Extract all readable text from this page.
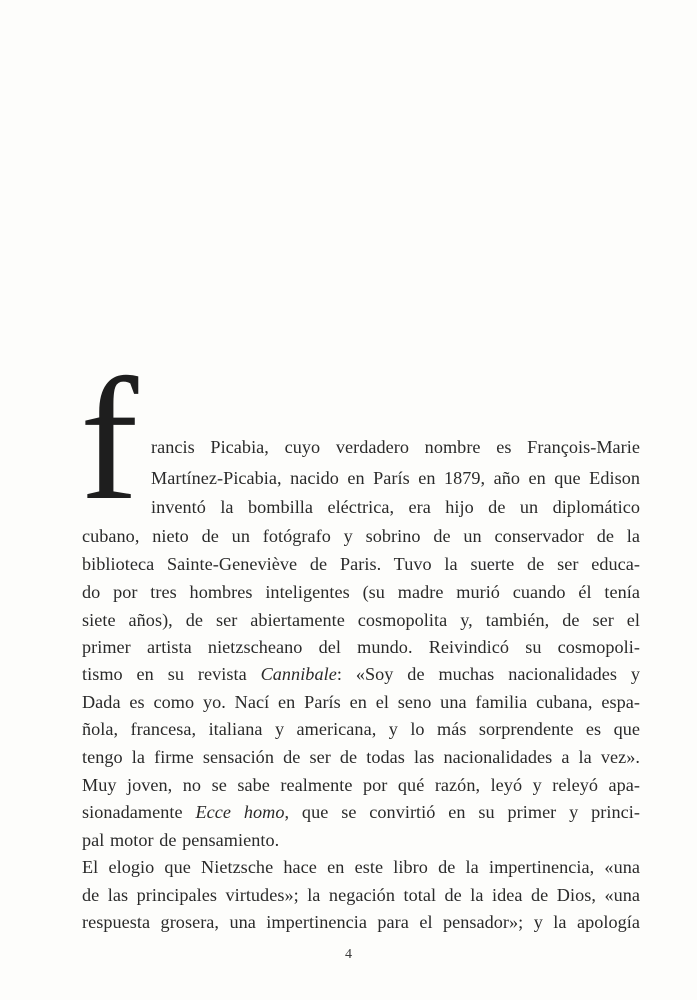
f rancis Picabia, cuyo verdadero nombre es François-Marie
Martínez-Picabia, nacido en París en 1879, año en que Edison
inventó la bombilla eléctrica, era hijo de un diplomático
cubano, nieto de un fotógrafo y sobrino de un conservador de la
biblioteca Sainte-Geneviève de Paris. Tuvo la suerte de ser educa-
do por tres hombres inteligentes (su madre murió cuando él tenía
siete años), de ser abiertamente cosmopolita y, también, de ser el
primer artista nietzscheano del mundo. Reivindicó su cosmopoli-
tismo en su revista Cannibale: «Soy de muchas nacionalidades y
Dada es como yo. Nací en París en el seno una familia cubana, espa-
ñola, francesa, italiana y americana, y lo más sorprendente es que
tengo la firme sensación de ser de todas las nacionalidades a la vez».
Muy joven, no se sabe realmente por qué razón, leyó y releyó apa-
sionadamente Ecce homo, que se convirtió en su primer y princi-
pal motor de pensamiento.
El elogio que Nietzsche hace en este libro de la impertinencia, «una
de las principales virtudes»; la negación total de la idea de Dios, «una
respuesta grosera, una impertinencia para el pensador»; y la apología
4
